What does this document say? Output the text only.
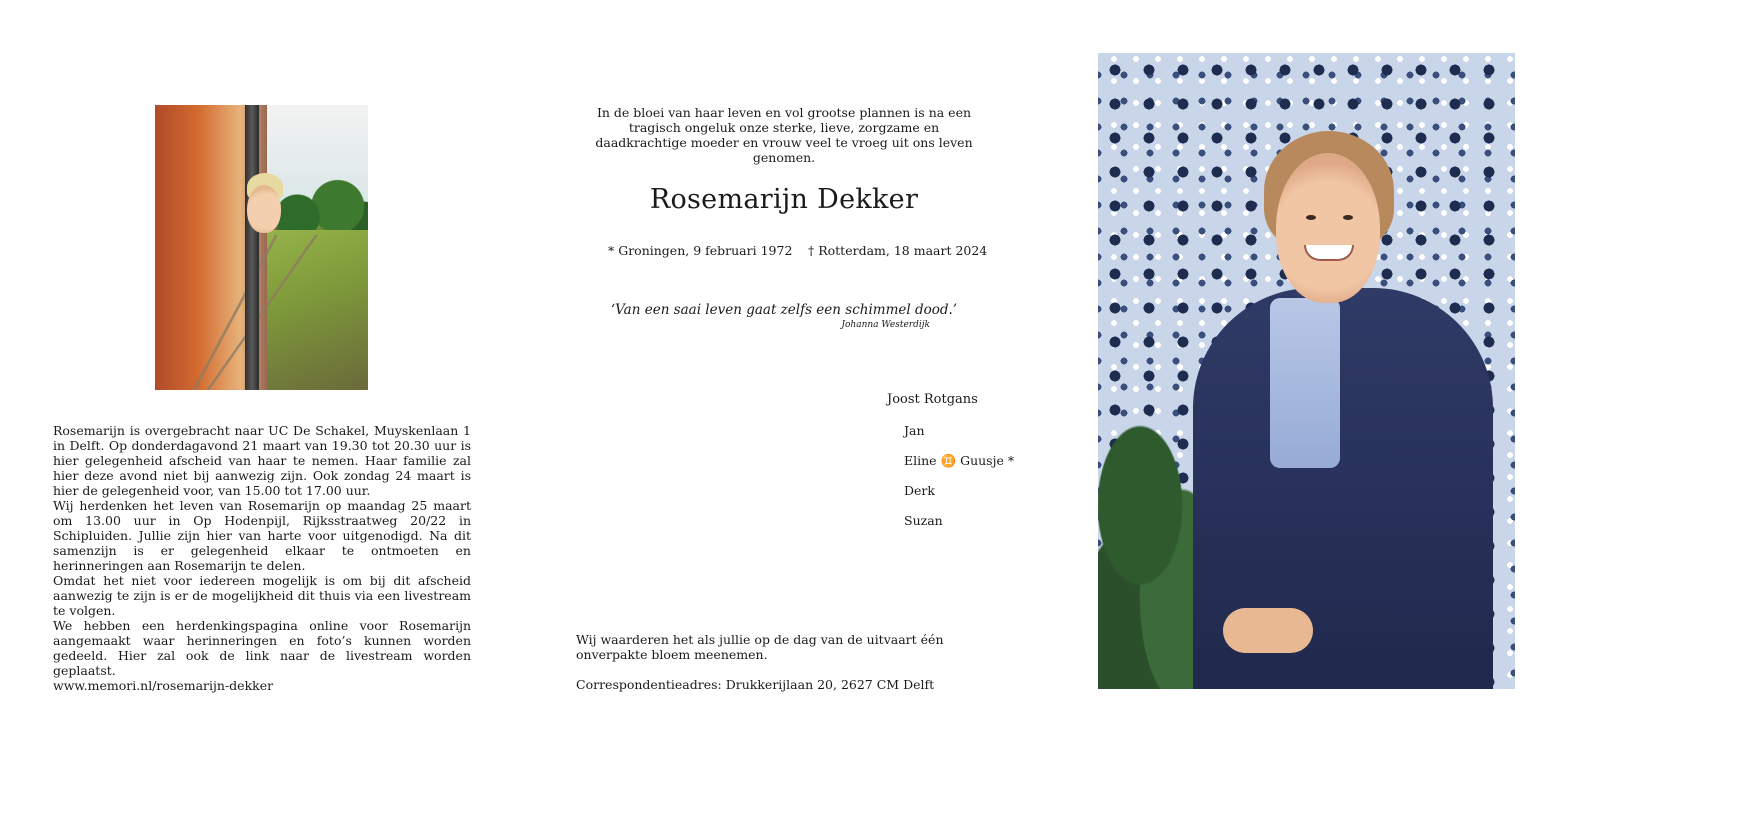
Rosemarijn is overgebracht naar UC De Schakel, Muyskenlaan 1 in Delft. Op donderdagavond 21 maart van 19.30 tot 20.30 uur is hier gelegenheid afscheid van haar te nemen. Haar familie zal hier deze avond niet bij aanwezig zijn. Ook zondag 24 maart is hier de gelegenheid voor, van 15.00 tot 17.00 uur.
Wij herdenken het leven van Rosemarijn op maandag 25 maart om 13.00 uur in Op Hodenpijl, Rijksstraatweg 20/22 in Schipluiden. Jullie zijn hier van harte voor uitgenodigd. Na dit samenzijn is er gelegenheid elkaar te ontmoeten en herinneringen aan Rosemarijn te delen.
Omdat het niet voor iedereen mogelijk is om bij dit afscheid aanwezig te zijn is er de mogelijkheid dit thuis via een livestream te volgen.
We hebben een herdenkingspagina online voor Rosemarijn aangemaakt waar herinneringen en foto’s kunnen worden gedeeld. Hier zal ook de link naar de livestream worden geplaatst.
www.memori.nl/rosemarijn-dekker
In de bloei van haar leven en vol grootse plannen is na een tragisch ongeluk onze sterke, lieve, zorgzame en daadkrachtige moeder en vrouw veel te vroeg uit ons leven genomen.
Rosemarijn Dekker
* Groningen, 9 februari 1972 † Rotterdam, 18 maart 2024
‘Van een saai leven gaat zelfs een schimmel dood.’
Johanna Westerdijk
Joost Rotgans
Jan
Eline ♊ Guusje *
Derk
Suzan
Wij waarderen het als jullie op de dag van de uitvaart één onverpakte bloem meenemen.
Correspondentieadres: Drukkerijlaan 20, 2627 CM Delft
